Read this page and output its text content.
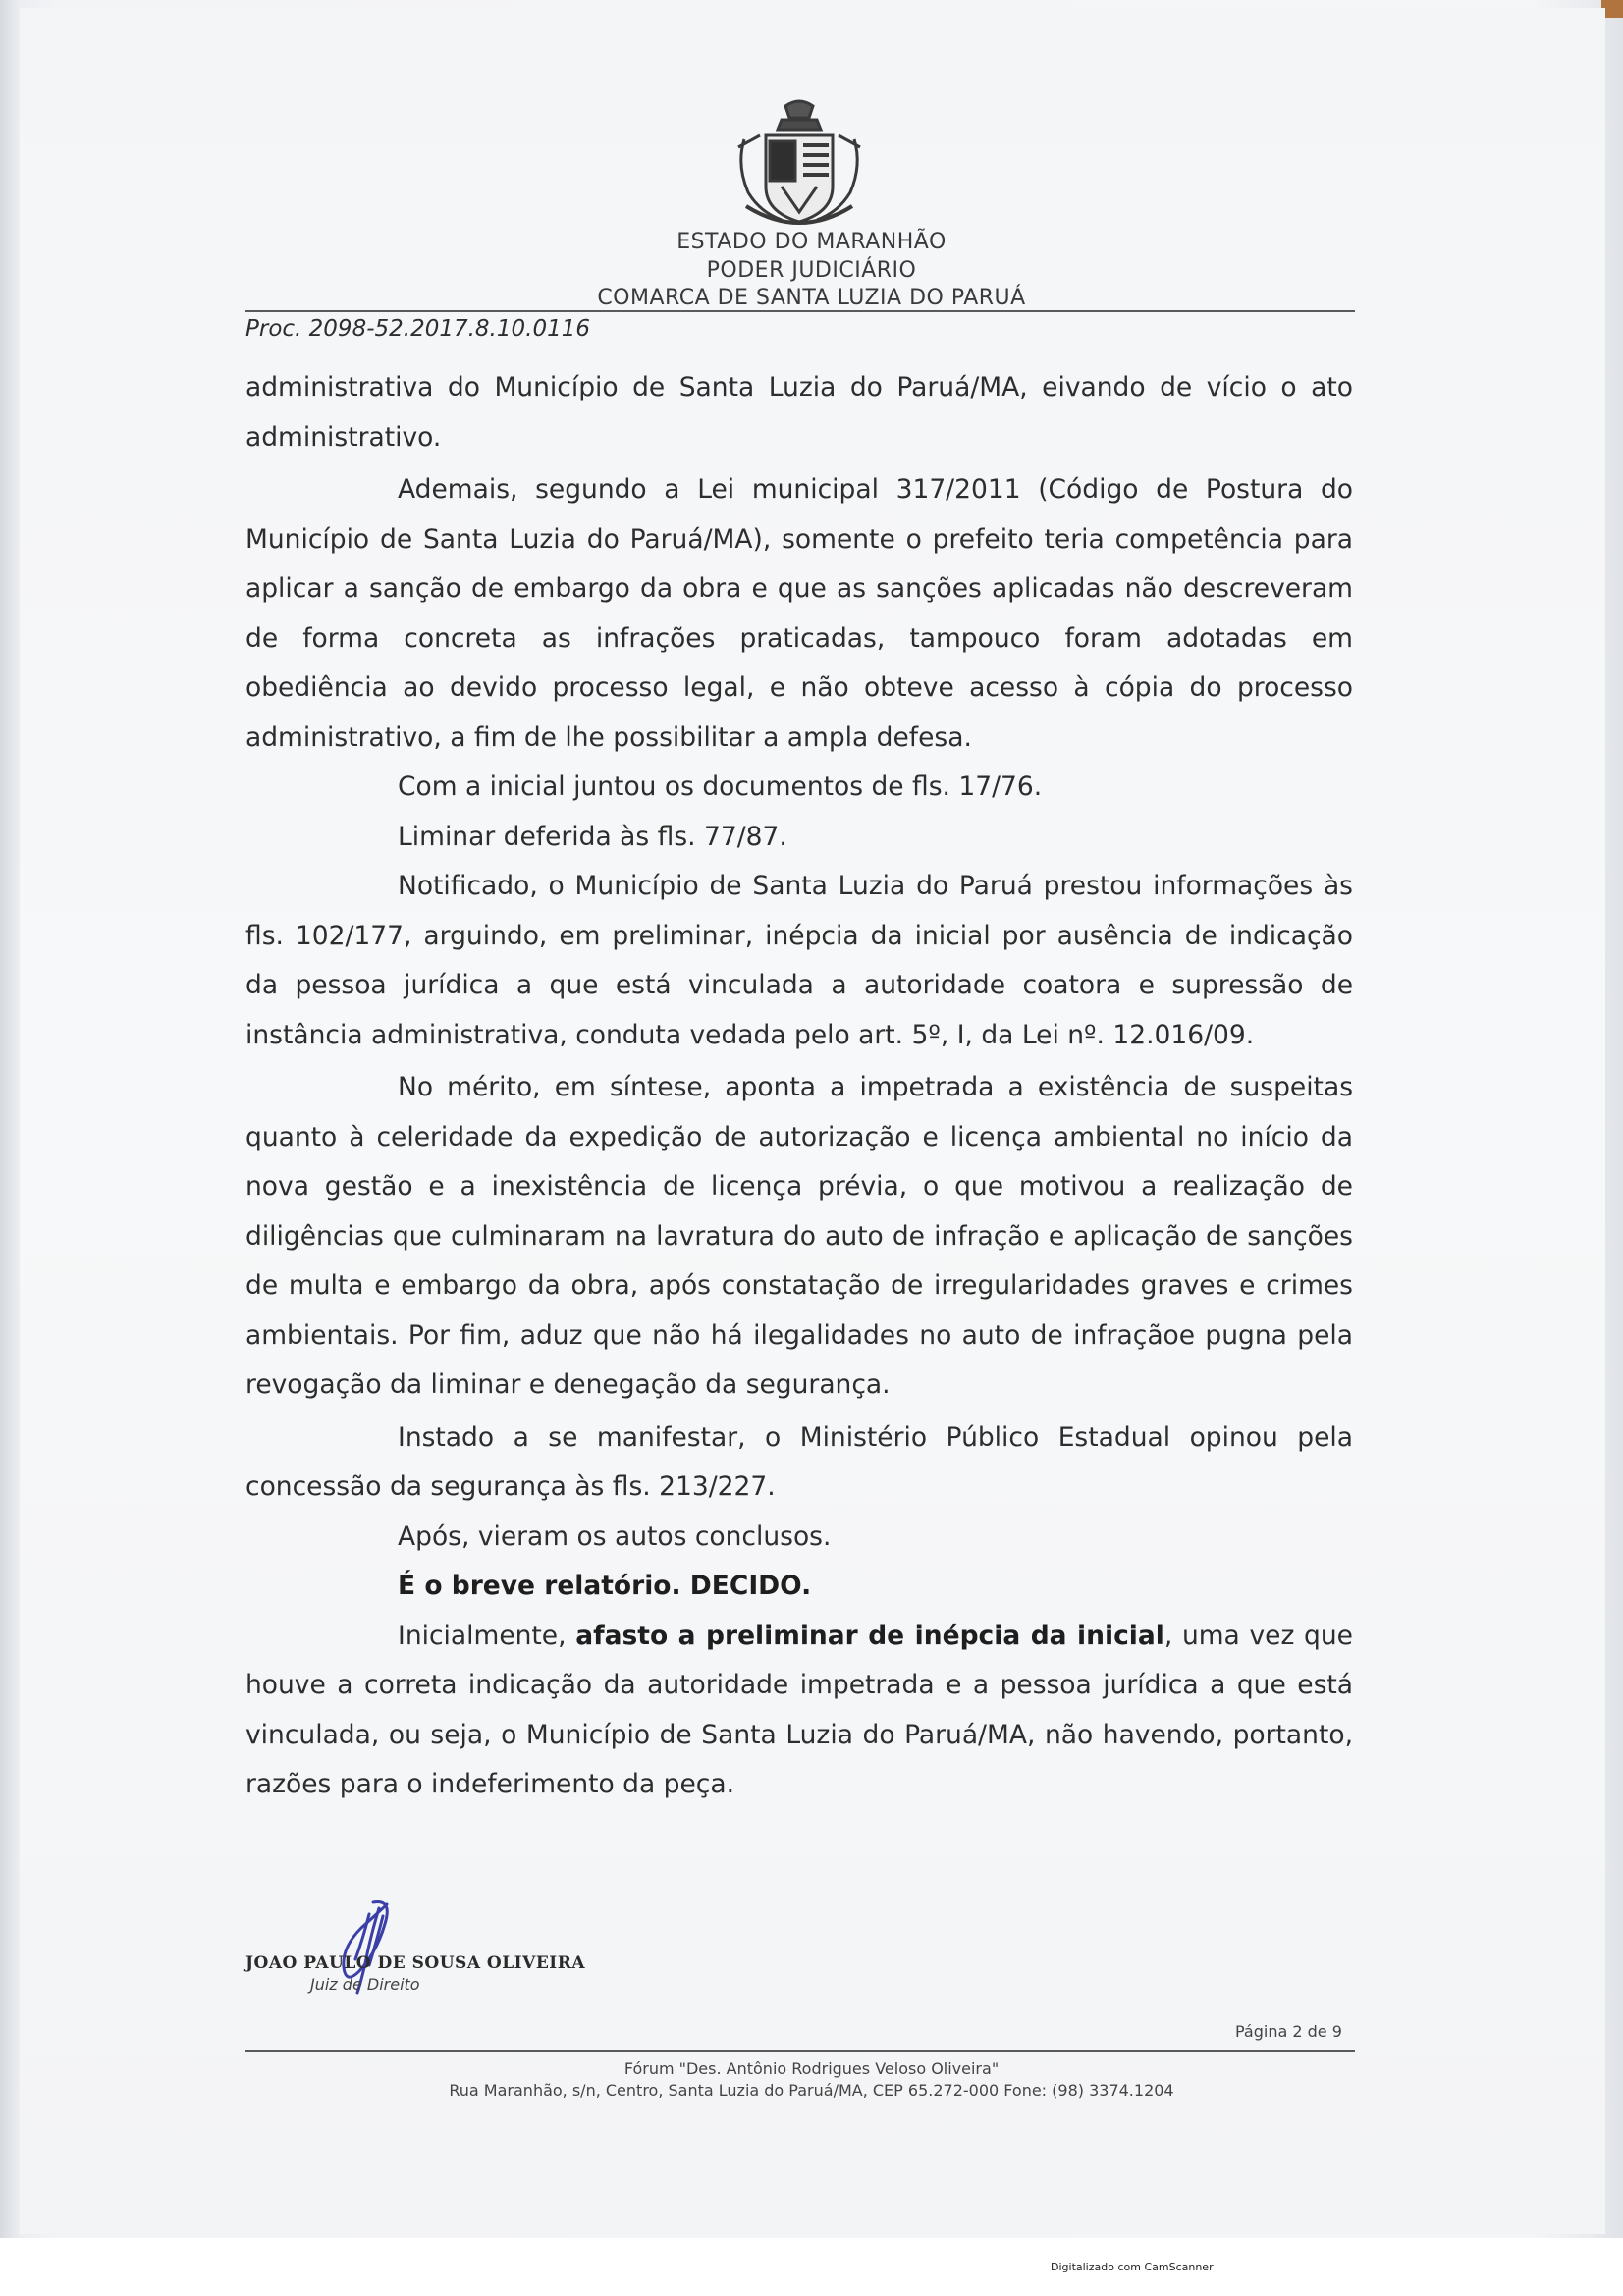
ESTADO DO MARANHÃO
PODER JUDICIÁRIO
COMARCA DE SANTA LUZIA DO PARUÁ
Proc. 2098-52.2017.8.10.0116

administrativa do Município de Santa Luzia do Paruá/MA, eivando de vício o ato administrativo.

Ademais, segundo a Lei municipal 317/2011 (Código de Postura do Município de Santa Luzia do Paruá/MA), somente o prefeito teria competência para aplicar a sanção de embargo da obra e que as sanções aplicadas não descreveram de forma concreta as infrações praticadas, tampouco foram adotadas em obediência ao devido processo legal, e não obteve acesso à cópia do processo administrativo, a fim de lhe possibilitar a ampla defesa.

Com a inicial juntou os documentos de fls. 17/76.

Liminar deferida às fls. 77/87.

Notificado, o Município de Santa Luzia do Paruá prestou informações às fls. 102/177, arguindo, em preliminar, inépcia da inicial por ausência de indicação da pessoa jurídica a que está vinculada a autoridade coatora e supressão de instância administrativa, conduta vedada pelo art. 5º, I, da Lei nº. 12.016/09.

No mérito, em síntese, aponta a impetrada a existência de suspeitas quanto à celeridade da expedição de autorização e licença ambiental no início da nova gestão e a inexistência de licença prévia, o que motivou a realização de diligências que culminaram na lavratura do auto de infração e aplicação de sanções de multa e embargo da obra, após constatação de irregularidades graves e crimes ambientais. Por fim, aduz que não há ilegalidades no auto de infraçãoe pugna pela revogação da liminar e denegação da segurança.

Instado a se manifestar, o Ministério Público Estadual opinou pela concessão da segurança às fls. 213/227.

Após, vieram os autos conclusos.

É o breve relatório. DECIDO.

Inicialmente, afasto a preliminar de inépcia da inicial, uma vez que houve a correta indicação da autoridade impetrada e a pessoa jurídica a que está vinculada, ou seja, o Município de Santa Luzia do Paruá/MA, não havendo, portanto, razões para o indeferimento da peça.

JOAO PAULO DE SOUSA OLIVEIRA
Juiz de Direito
Página 2 de 9
Fórum "Des. Antônio Rodrigues Veloso Oliveira"
Rua Maranhão, s/n, Centro, Santa Luzia do Paruá/MA, CEP 65.272-000 Fone: (98) 3374.1204
Digitalizado com CamScanner
